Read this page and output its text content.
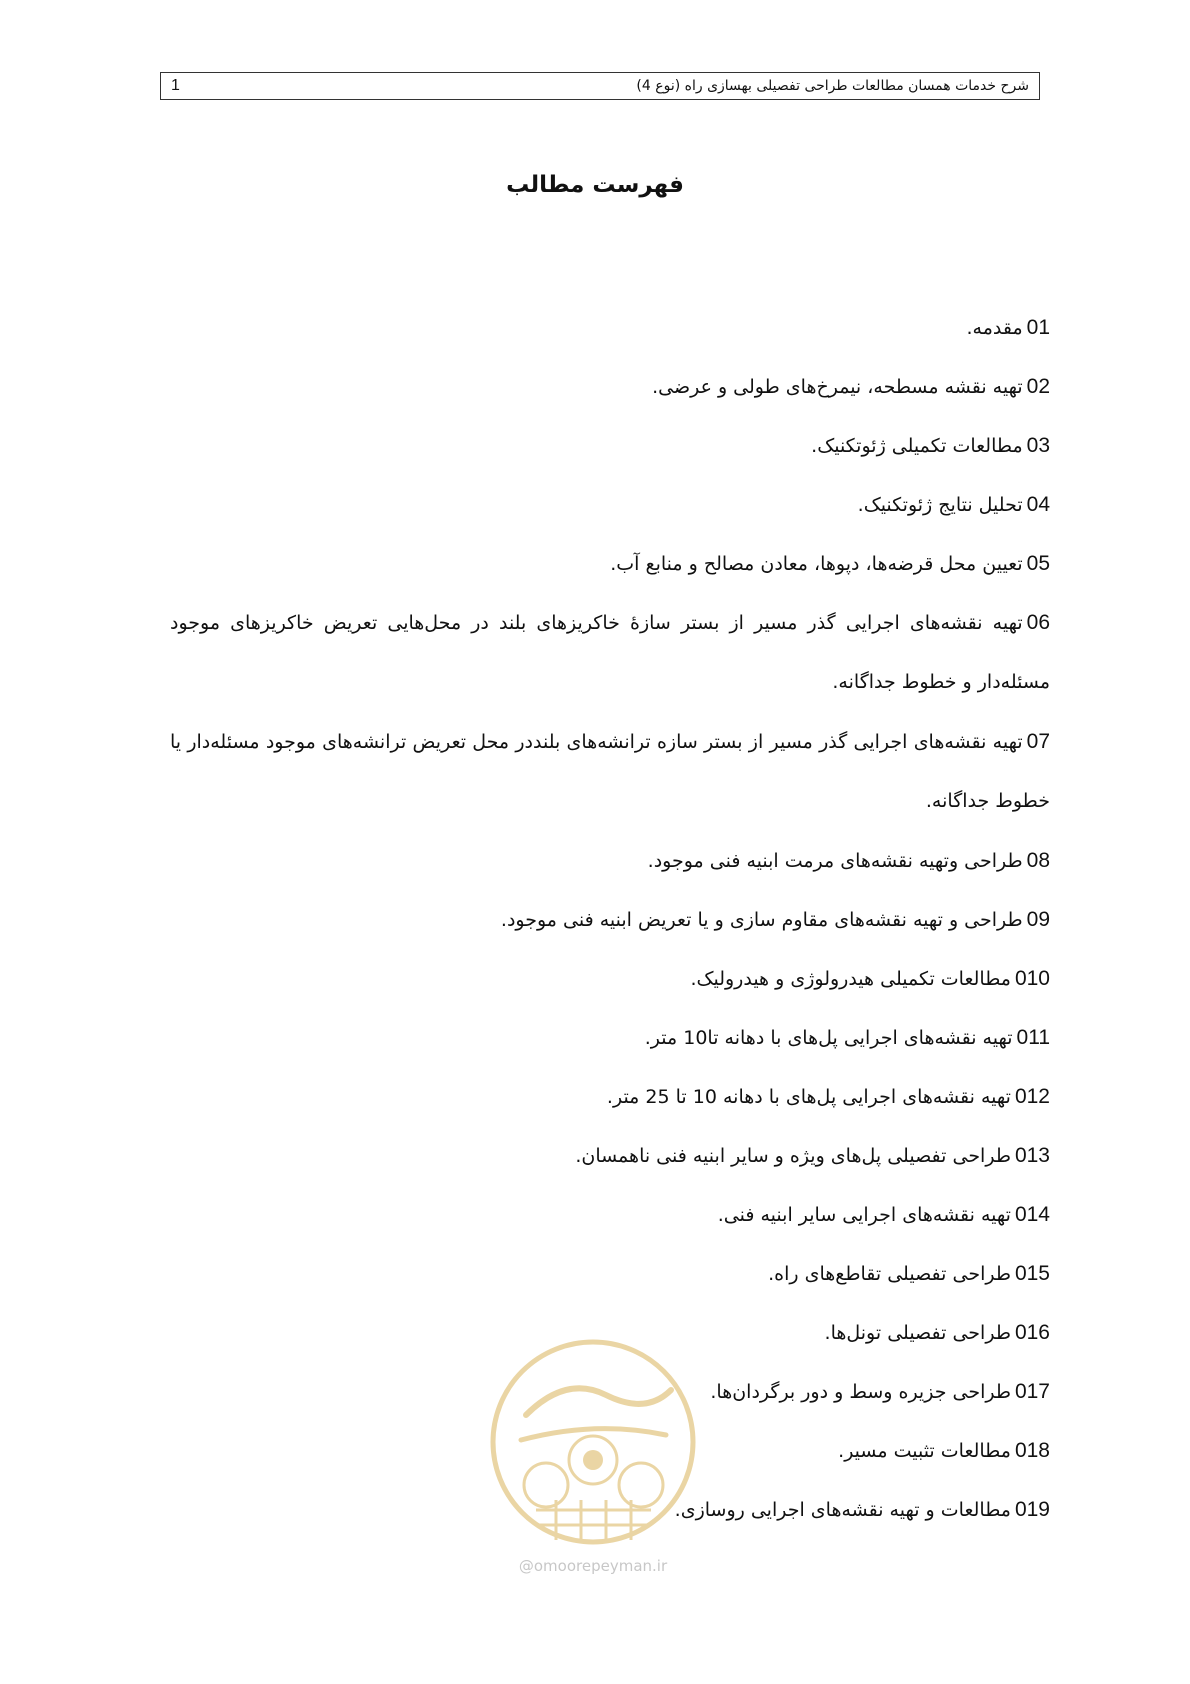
شرح خدمات همسان مطالعات طراحی تفصیلی بهسازی راه (نوع 4)
1
فهرست مطالب
01مقدمه.
02تهیه نقشه مسطحه، نیمرخ‌های طولی و عرضی.
03مطالعات تکمیلی ژئوتکنیک.
04تحلیل نتایج ژئوتکنیک.
05تعیین محل قرضه‌ها، دپوها، معادن مصالح و منابع آب.
06تهیه نقشه‌های اجرایی گذر مسیر از بستر سازۀ خاکریزهای بلند در محل‌هایی تعریض خاکریزهای موجود مسئله‌دار و خطوط جداگانه.
07تهیه نقشه‌های اجرایی گذر مسیر از بستر سازه ترانشه‌های بلنددر محل تعریض ترانشه‌های موجود مسئله‌دار یا خطوط جداگانه.
08طراحی وتهیه نقشه‌های مرمت ابنیه فنی موجود.
09طراحی و تهیه نقشه‌های مقاوم سازی و یا تعریض ابنیه فنی موجود.
010مطالعات تکمیلی هیدرولوژی و هیدرولیک.
011تهیه نقشه‌های اجرایی پل‌های با دهانه تا10 متر.
012تهیه نقشه‌های اجرایی پل‌های با دهانه 10 تا 25 متر.
013طراحی تفصیلی پل‌های ویژه و سایر ابنیه فنی ناهمسان.
014تهیه نقشه‌های اجرایی سایر ابنیه فنی.
015طراحی تفصیلی تقاطع‌های راه.
016طراحی تفصیلی تونل‌ها.
017طراحی جزیره وسط و دور برگردان‌ها.
018مطالعات تثبیت مسیر.
019مطالعات و تهیه نقشه‌های اجرایی روسازی.
@omoorepeyman.ir
